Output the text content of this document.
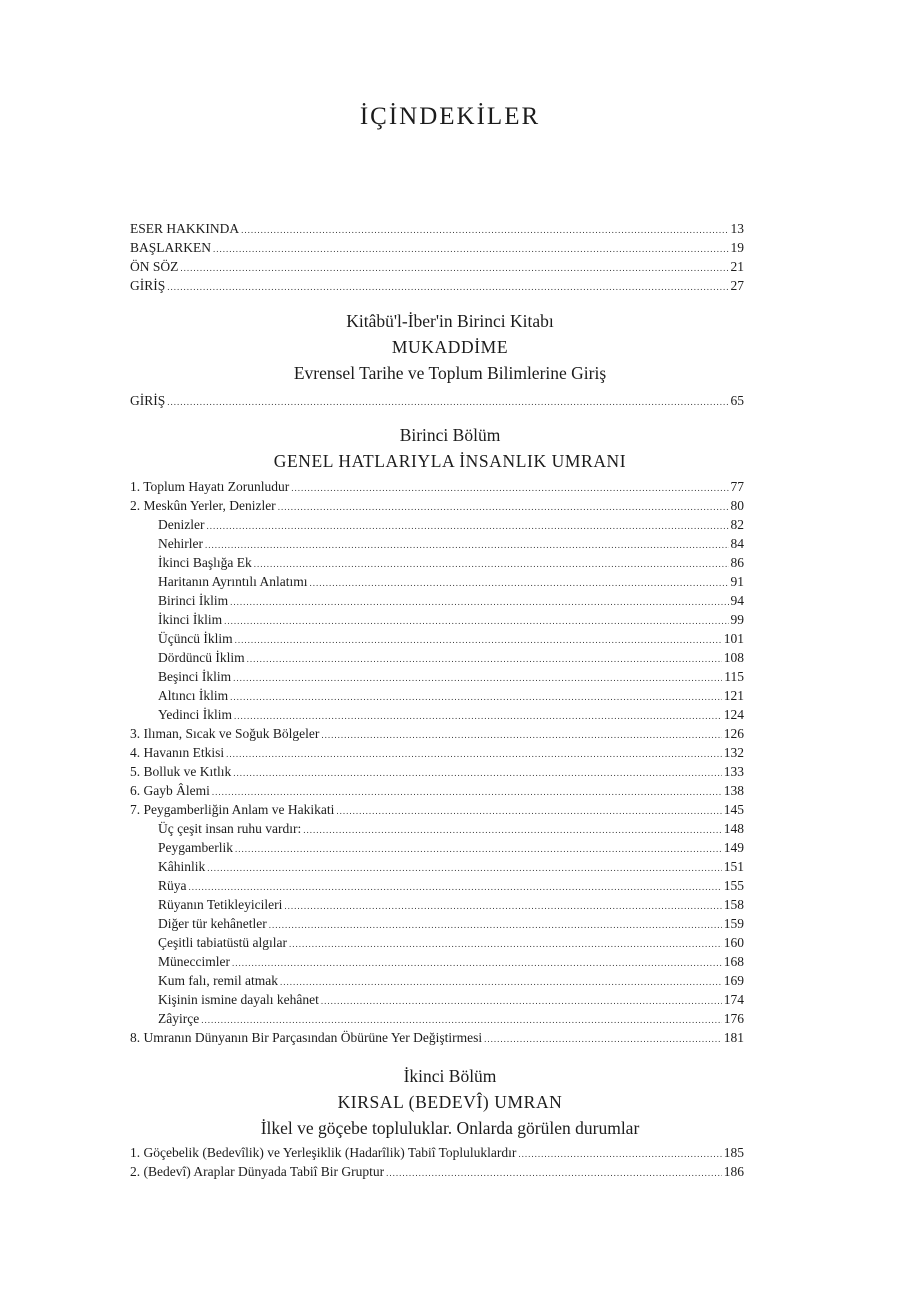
İÇİNDEKİLER
ESER HAKKINDA .....	13
BAŞLARKEN .....	19
ÖN SÖZ .....	21
GİRİŞ .....	27
Kitâbü'l-İber'in Birinci Kitabı
MUKADDİME
Evrensel Tarihe ve Toplum Bilimlerine Giriş
GİRİŞ .....	65
Birinci Bölüm
GENEL HATLARIYLA İNSANLIK UMRANI
1. Toplum Hayatı Zorunludur .....	77
2. Meskûn Yerler, Denizler .....	80
Denizler .....	82
Nehirler .....	84
İkinci Başlığa Ek .....	86
Haritanın Ayrıntılı Anlatımı .....	91
Birinci İklim .....	94
İkinci İklim .....	99
Üçüncü İklim .....	101
Dördüncü İklim .....	108
Beşinci İklim .....	115
Altıncı İklim .....	121
Yedinci İklim .....	124
3. Ilıman, Sıcak ve Soğuk Bölgeler .....	126
4. Havanın Etkisi .....	132
5. Bolluk ve Kıtlık .....	133
6. Gayb Âlemi .....	138
7. Peygamberliğin Anlam ve Hakikati .....	145
Üç çeşit insan ruhu vardır: .....	148
Peygamberlik .....	149
Kâhinlik .....	151
Rüya .....	155
Rüyanın Tetikleyicileri .....	158
Diğer tür kehânetler .....	159
Çeşitli tabiatüstü algılar .....	160
Müneccimler .....	168
Kum falı, remil atmak .....	169
Kişinin ismine dayalı kehânet .....	174
Zâyirçe .....	176
8. Umranın Dünyanın Bir Parçasından Öbürüne Yer Değiştirmesi .....	181
İkinci Bölüm
KIRSAL (BEDEVÎ) UMRAN
İlkel ve göçebe topluluklar. Onlarda görülen durumlar
1. Göçebelik (Bedevîlik) ve Yerleşiklik (Hadarîlik) Tabiî Topluluklardır .....	185
2. (Bedevî) Araplar Dünyada Tabiî Bir Gruptur .....	186
